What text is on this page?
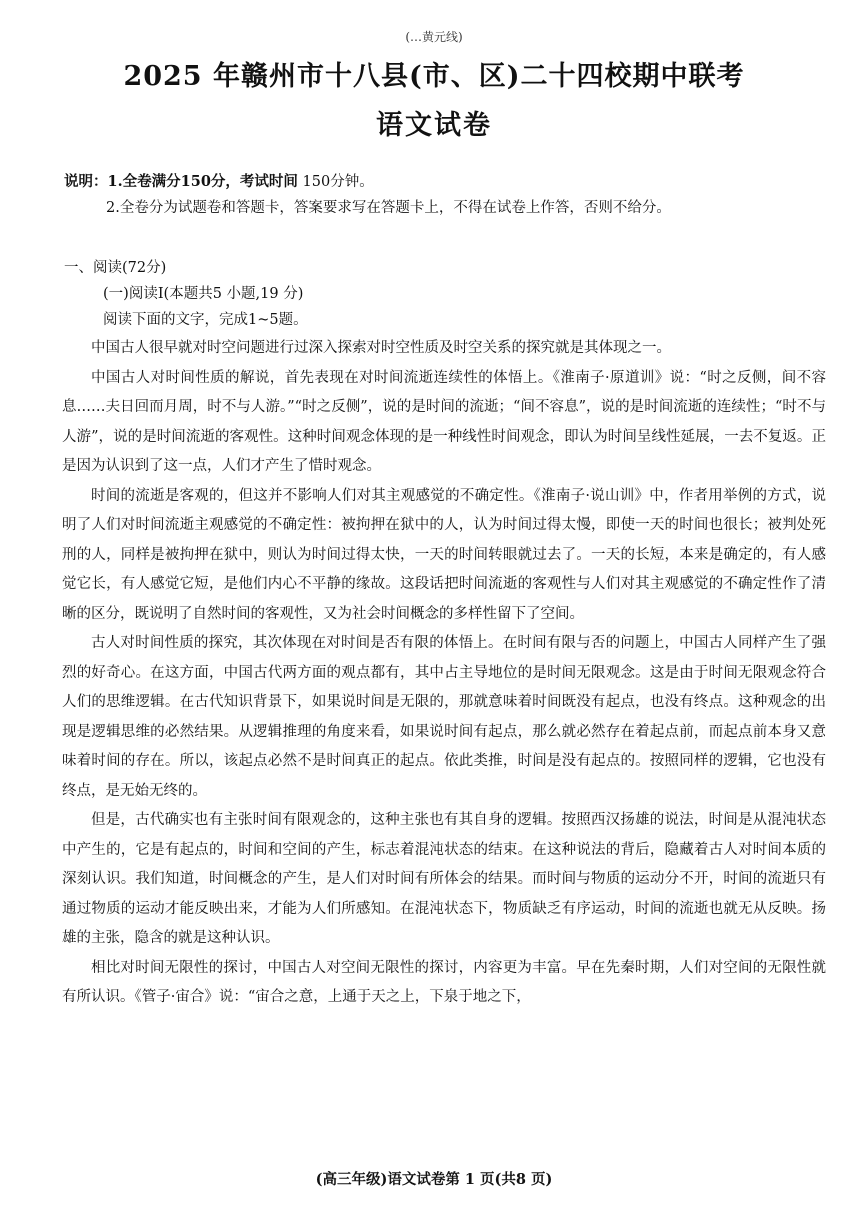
(…黄元线)
2025 年赣州市十八县(市、区)二十四校期中联考
语文试卷
说明：1.全卷满分150分，考试时间 150分钟。
2.全卷分为试题卷和答题卡，答案要求写在答题卡上，不得在试卷上作答，否则不给分。
一、阅读(72分)
(一)阅读Ⅰ(本题共5 小题,19 分)
阅读下面的文字，完成1~5题。

中国古人很早就对时空问题进行过深入探索对时空性质及时空关系的探究就是其体现之一。

中国古人对时间性质的解说，首先表现在对时间流逝连续性的体悟上。《淮南子·原道训》说：“时之反侧，间不容息……夫日回而月周，时不与人游。”“时之反侧”，说的是时间的流逝；“间不容息”，说的是时间流逝的连续性；“时不与人游”，说的是时间流逝的客观性。这种时间观念体现的是一种线性时间观念，即认为时间呈线性延展，一去不复返。正是因为认识到了这一点，人们才产生了惜时观念。

时间的流逝是客观的，但这并不影响人们对其主观感觉的不确定性。《淮南子·说山训》中，作者用举例的方式，说明了人们对时间流逝主观感觉的不确定性：被拘押在狱中的人，认为时间过得太慢，即使一天的时间也很长；被判处死刑的人，同样是被拘押在狱中，则认为时间过得太快，一天的时间转眼就过去了。一天的长短，本来是确定的，有人感觉它长，有人感觉它短，是他们内心不平静的缘故。这段话把时间流逝的客观性与人们对其主观感觉的不确定性作了清晰的区分，既说明了自然时间的客观性，又为社会时间概念的多样性留下了空间。

古人对时间性质的探究，其次体现在对时间是否有限的体悟上。在时间有限与否的问题上，中国古人同样产生了强烈的好奇心。在这方面，中国古代两方面的观点都有，其中占主导地位的是时间无限观念。这是由于时间无限观念符合人们的思维逻辑。在古代知识背景下，如果说时间是无限的，那就意味着时间既没有起点，也没有终点。这种观念的出现是逻辑思维的必然结果。从逻辑推理的角度来看，如果说时间有起点，那么就必然存在着起点前，而起点前本身又意味着时间的存在。所以，该起点必然不是时间真正的起点。依此类推，时间是没有起点的。按照同样的逻辑，它也没有终点，是无始无终的。

但是，古代确实也有主张时间有限观念的，这种主张也有其自身的逻辑。按照西汉扬雄的说法，时间是从混沌状态中产生的，它是有起点的，时间和空间的产生，标志着混沌状态的结束。在这种说法的背后，隐藏着古人对时间本质的深刻认识。我们知道，时间概念的产生，是人们对时间有所体会的结果。而时间与物质的运动分不开，时间的流逝只有通过物质的运动才能反映出来，才能为人们所感知。在混沌状态下，物质缺乏有序运动，时间的流逝也就无从反映。扬雄的主张，隐含的就是这种认识。

相比对时间无限性的探讨，中国古人对空间无限性的探讨，内容更为丰富。早在先秦时期，人们对空间的无限性就有所认识。《管子·宙合》说：“宙合之意，上通于天之上，下泉于地之下，

(高三年级)语文试卷第 1 页(共8 页)
